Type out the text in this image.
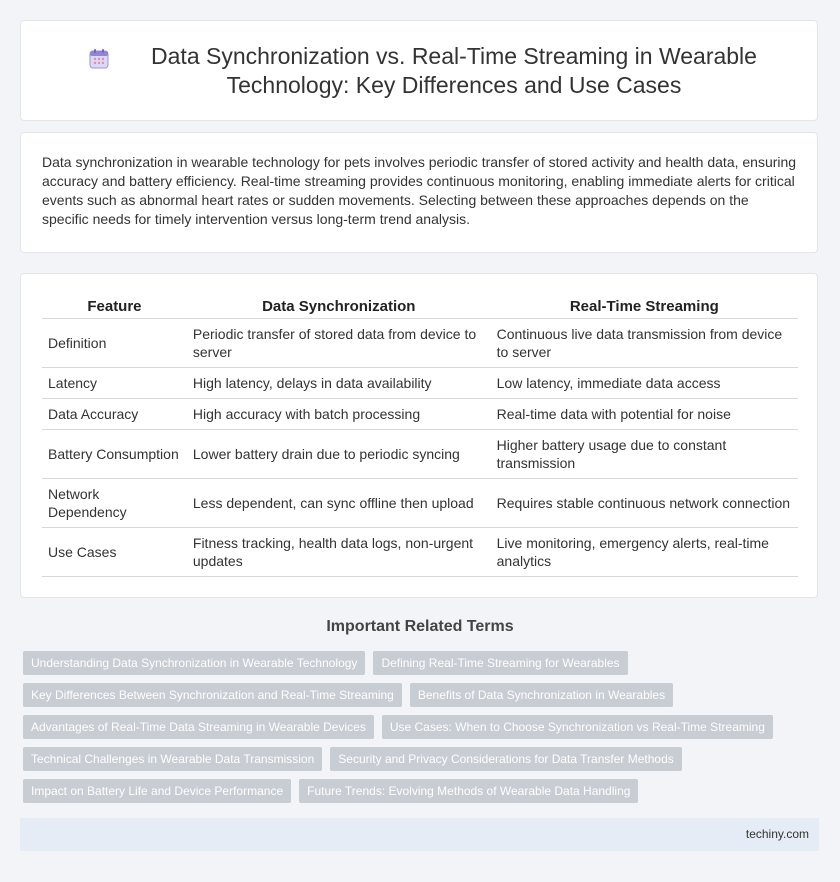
Data Synchronization vs. Real-Time Streaming in Wearable Technology: Key Differences and Use Cases

Data synchronization in wearable technology for pets involves periodic transfer of stored activity and health data, ensuring accuracy and battery efficiency. Real-time streaming provides continuous monitoring, enabling immediate alerts for critical events such as abnormal heart rates or sudden movements. Selecting between these approaches depends on the specific needs for timely intervention versus long-term trend analysis.

Feature	Data Synchronization	Real-Time Streaming
Definition	Periodic transfer of stored data from device to server	Continuous live data transmission from device to server
Latency	High latency, delays in data availability	Low latency, immediate data access
Data Accuracy	High accuracy with batch processing	Real-time data with potential for noise
Battery Consumption	Lower battery drain due to periodic syncing	Higher battery usage due to constant transmission
Network Dependency	Less dependent, can sync offline then upload	Requires stable continuous network connection
Use Cases	Fitness tracking, health data logs, non-urgent updates	Live monitoring, emergency alerts, real-time analytics
Important Related Terms
Understanding Data Synchronization in Wearable Technology	Defining Real-Time Streaming for Wearables
Key Differences Between Synchronization and Real-Time Streaming	Benefits of Data Synchronization in Wearables
Advantages of Real-Time Data Streaming in Wearable Devices	Use Cases: When to Choose Synchronization vs Real-Time Streaming
Technical Challenges in Wearable Data Transmission	Security and Privacy Considerations for Data Transfer Methods
Impact on Battery Life and Device Performance	Future Trends: Evolving Methods of Wearable Data Handling
techiny.com
